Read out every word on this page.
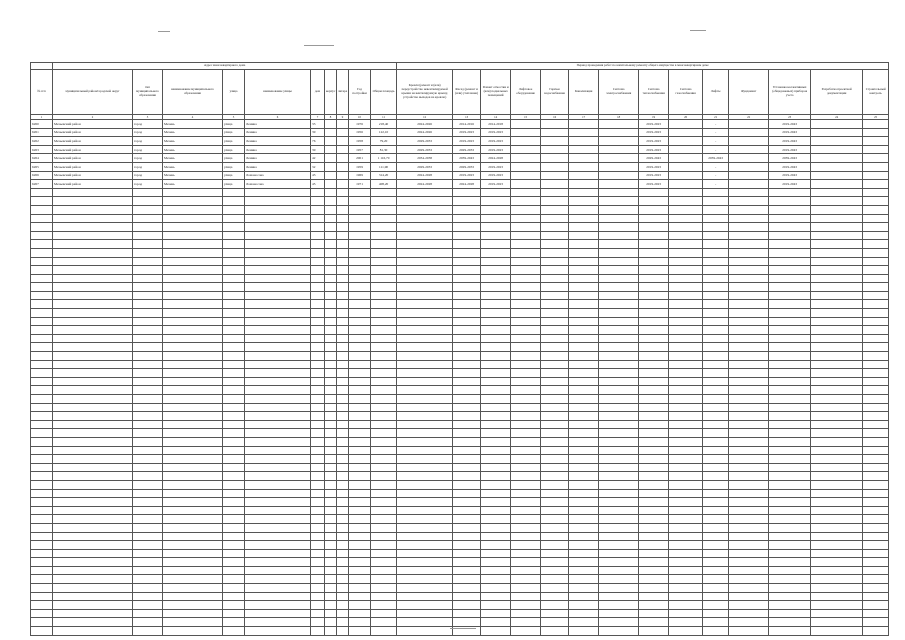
	Адрес многоквартирного дома										Период проведения работ по капитальному ремонту общего имущества в многоквартирном доме													
№ п/п	муниципальный район/городской округ	тип муниципального образования	наименование муниципального образования	улица	наименование улицы	дом	корпус	литера	Год постройки	Общая площадь	Кровля (ремонт и (или) переустройство невентилируемой крыши на вентилируемую крышу, устройство выходов на кровлю)	Фасад (ремонт и (или) утепление)	Ремонт отмостки и (или) подвальных помещений	Лифтовое оборудование	Горячее водоснабжение	Канализация	Система электроснабжения	Система теплоснабжения	Система газоснабжения	Лифты	Фундамент	Установка коллективных (общедомовых) приборов учета	Разработка проектной документации	Строительный контроль
1	2	3	4	5	6	7	8	9	10	11	12	13	14	15	16	17	18	19	20	21	22	23	24	25
6260	Мезьевский район	город	Мезень	улица	Ленина	33			1976	218,40	2024-2026	2014-2016	2014-2018					2019-2023		-		2019-2043		
6261	Мезьевский район	город	Мезень	улица	Ленина	39			1956	122,10	2024-2026	2019-2023	2019-2023					2019-2023		-		2019-2043		
6262	Мезьевский район	город	Мезень	улица	Ленина	76			1958	79,20	2029-2033	2019-2023	2019-2023					2019-2023		-		2019-2043		
6263	Мезьевский район	город	Мезень	улица	Ленина	39			1957	81,30	2029-2033	2029-2033	2019-2023					2019-2023		-		2019-2043		
6264	Мезьевский район	город	Мезень	улица	Ленина	42			2001	1 116,70	2034-2038	2039-2043	2024-2028					2029-2043		2039-2043		2039-2043		
6265	Мезьевский район	город	Мезень	улица	Ленина	32			1959	111,90	2029-2033	2029-2033	2019-2023					2019-2023		-		2019-2043		
6266	Мезьевский район	город	Мезень	улица	Ломоносова	43			1969	314,20	2024-2028	2019-2023	2019-2023					2019-2023		-		2019-2043		
6267	Мезьевский район	город	Мезень	улица	Ломоносова	45			1971	408,20	2024-2028	2024-2028	2019-2023					2019-2023		-		2019-2043		
